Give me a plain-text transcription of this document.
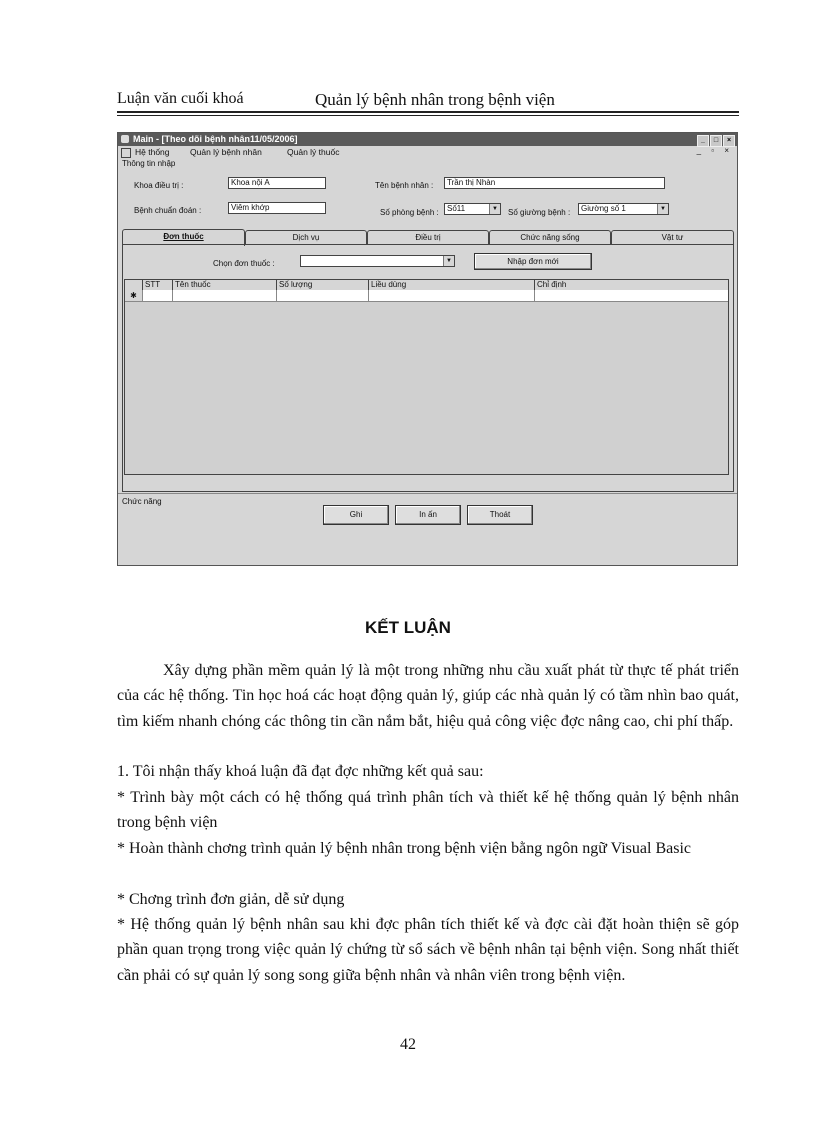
Luận văn cuối khoá	Quản lý bệnh nhân trong bệnh viện
Main - [Theo dõi bệnh nhân11/05/2006]	_ □ ×
Hệ thống Quản lý bệnh nhân	Quản lý thuốc	_ ▫ ×
Thông tin nhập
Khoa điều trị :	Khoa nội A
Bệnh chuẩn đoán :	Viêm khớp
Tên bệnh nhân :	Trần thị Nhàn
Số phòng bệnh :	Số11	▼ Số giường bệnh :	Giường số 1	▼
Đơn thuốc	Dịch vụ	Điều trị	Chức năng sống	Vật tư
Chọn đơn thuốc :	▼	Nhập đơn mới
STT	Tên thuốc	Số lượng	Liều dùng	Chỉ định
✱
Chức năng
Ghi	In ấn	Thoát
KẾT LUẬN
Xây dựng phần mềm quản lý là một trong những nhu cầu xuất phát từ thực tế phát triển của các hệ thống. Tin học hoá các hoạt động quản lý, giúp các nhà quản lý có tầm nhìn bao quát, tìm kiếm nhanh chóng các thông tin cần nắm bắt, hiệu quả công việc đợc nâng cao, chi phí thấp.
1. Tôi nhận thấy khoá luận đã đạt đợc những kết quả sau:
* Trình bày một cách có hệ thống quá trình phân tích và thiết kế hệ thống quản lý bệnh nhân trong bệnh viện
* Hoàn thành chơng trình quản lý bệnh nhân trong bệnh viện bằng ngôn ngữ Visual Basic
* Chơng trình đơn giản, dễ sử dụng
* Hệ thống quản lý bệnh nhân sau khi đợc phân tích thiết kế và đợc cài đặt hoàn thiện sẽ góp phần quan trọng trong việc quản lý chứng từ sổ sách về bệnh nhân tại bệnh viện. Song nhất thiết cần phải có sự quản lý song song giữa bệnh nhân và nhân viên trong bệnh viện.
42
